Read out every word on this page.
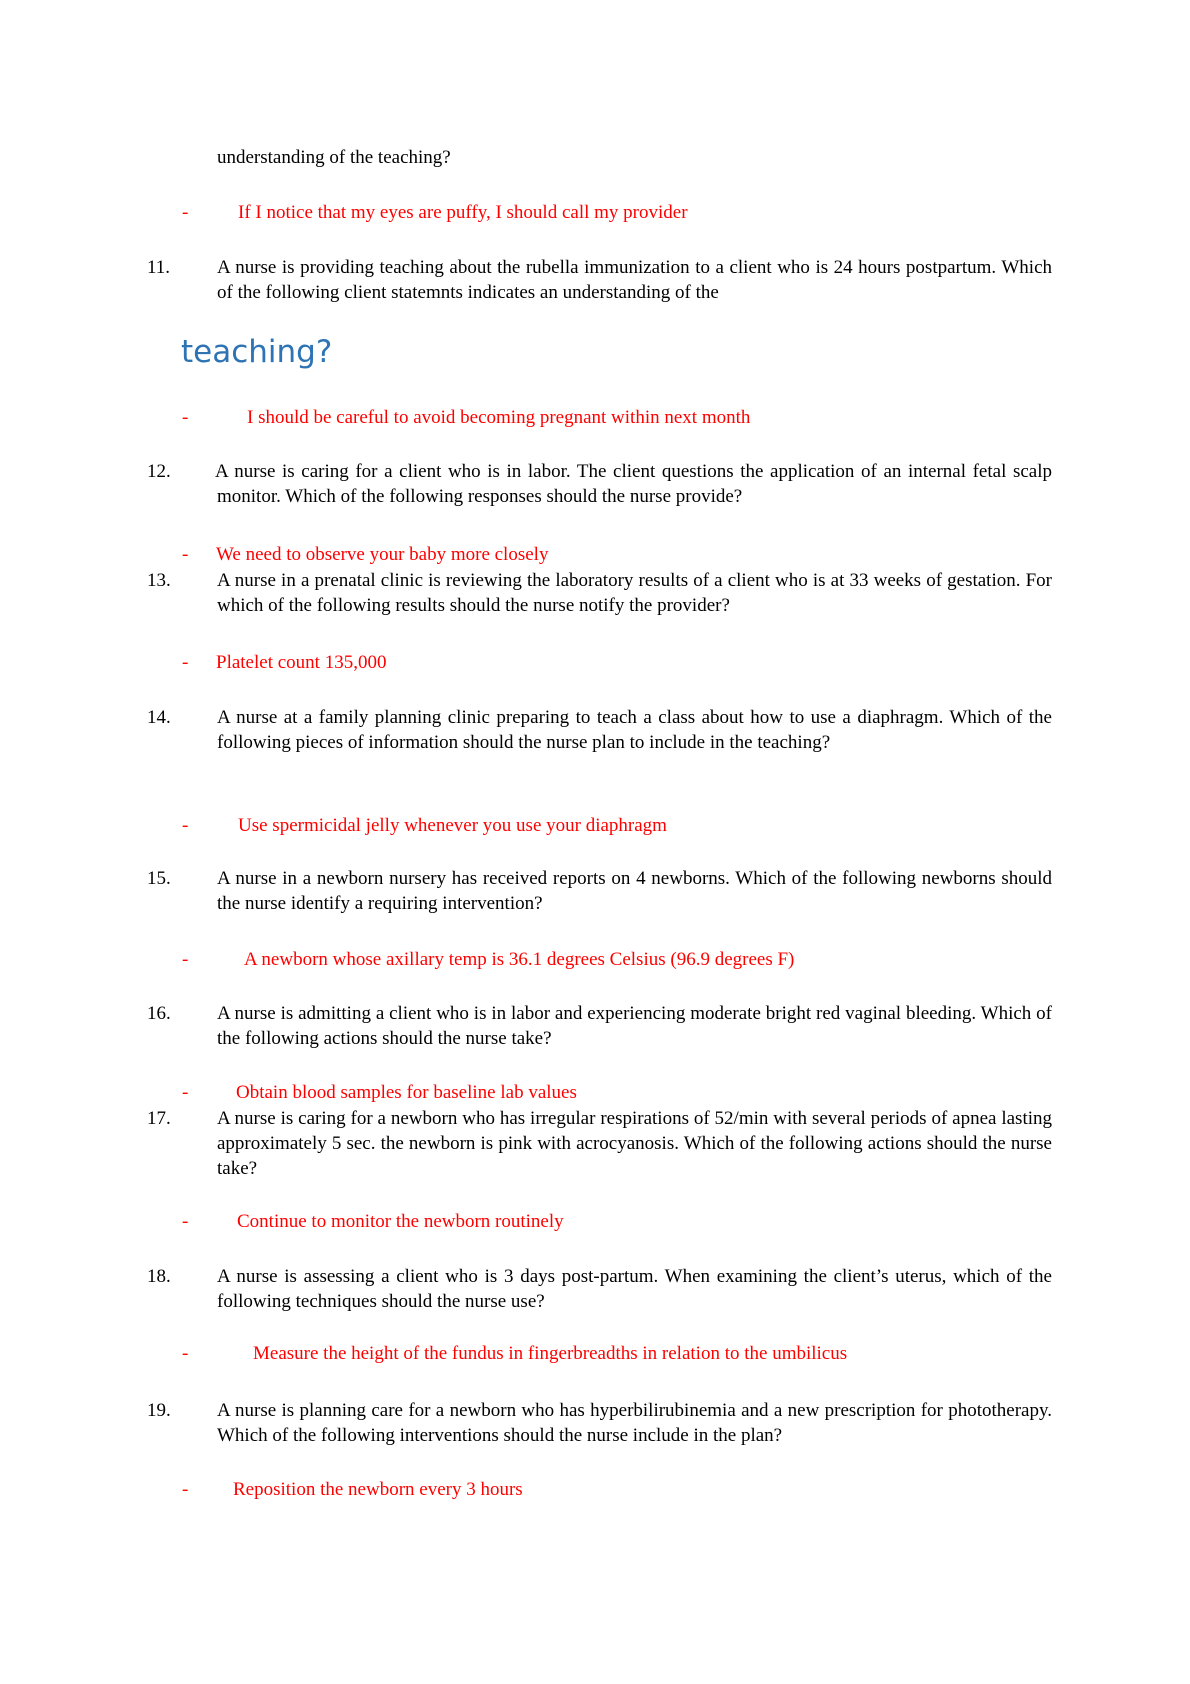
understanding of the teaching?
-	If I notice that my eyes are puffy, I should call my provider
11. A nurse is providing teaching about the rubella immunization to a client who is 24 hours postpartum. Which of the following client statemnts indicates an understanding of the
teaching?
-	I should be careful to avoid becoming pregnant within next month
12. A nurse is caring for a client who is in labor. The client questions the application of an internal fetal scalp monitor. Which of the following responses should the nurse provide?
- We need to observe your baby more closely
13. A nurse in a prenatal clinic is reviewing the laboratory results of a client who is at 33 weeks of gestation. For which of the following results should the nurse notify the provider?
- Platelet count 135,000
14. A nurse at a family planning clinic preparing to teach a class about how to use a diaphragm. Which of the following pieces of information should the nurse plan to include in the teaching?
-	Use spermicidal jelly whenever you use your diaphragm
15. A nurse in a newborn nursery has received reports on 4 newborns. Which of the following newborns should the nurse identify a requiring intervention?
-	A newborn whose axillary temp is 36.1 degrees Celsius (96.9 degrees F)
16. A nurse is admitting a client who is in labor and experiencing moderate bright red vaginal bleeding. Which of the following actions should the nurse take?
-	Obtain blood samples for baseline lab values
17. A nurse is caring for a newborn who has irregular respirations of 52/min with several periods of apnea lasting approximately 5 sec. the newborn is pink with acrocyanosis. Which of the following actions should the nurse take?
-	Continue to monitor the newborn routinely
18. A nurse is assessing a client who is 3 days post-partum. When examining the client’s uterus, which of the following techniques should the nurse use?
-	Measure the height of the fundus in fingerbreadths in relation to the umbilicus
19. A nurse is planning care for a newborn who has hyperbilirubinemia and a new prescription for phototherapy. Which of the following interventions should the nurse include in the plan?
- Reposition the newborn every 3 hours
